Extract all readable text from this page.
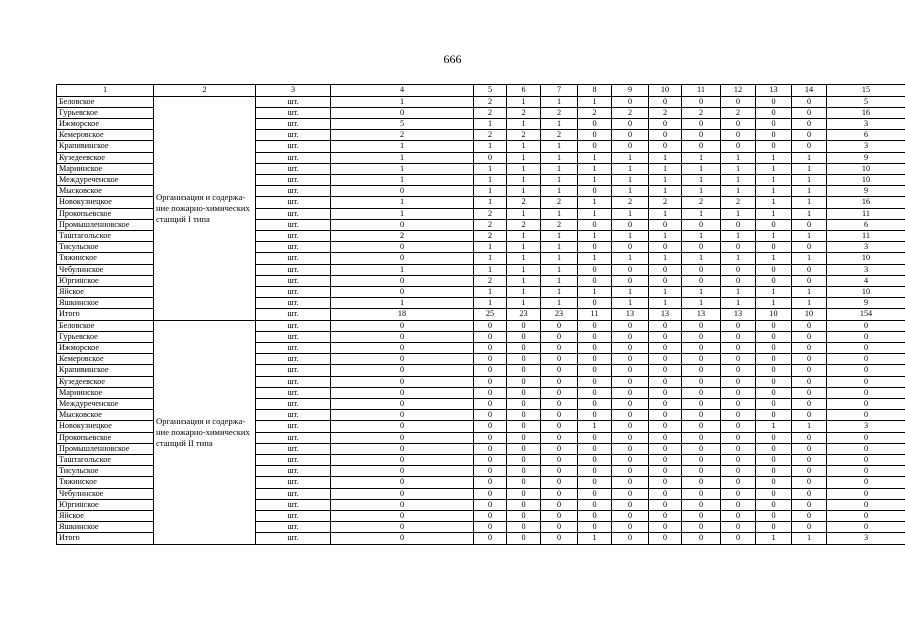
666
1	2	3	4	5	6	7	8	9	10	11	12	13	14	15
Беловское	Организация и содержа-ние пожарно-химических станций I типа	шт.	1	2	1	1	1	0	0	0	0	0	0	5
Гурьевское		шт.	0	2	2	2	2	2	2	2	2	0	0	16
Ижморское		шт.	5	1	1	1	0	0	0	0	0	0	0	3
Кемеровское		шт.	2	2	2	2	0	0	0	0	0	0	0	6
Крапивинское		шт.	1	1	1	1	0	0	0	0	0	0	0	3
Кузедеевское		шт.	1	0	1	1	1	1	1	1	1	1	1	9
Мариинское		шт.	1	1	1	1	1	1	1	1	1	1	1	10
Междуреченское		шт.	1	1	1	1	1	1	1	1	1	1	1	10
Мысковское		шт.	0	1	1	1	0	1	1	1	1	1	1	9
Новокузнецкое		шт.	1	1	2	2	1	2	2	2	2	1	1	16
Прокопьевское		шт.	1	2	1	1	1	1	1	1	1	1	1	11
Промышленновское		шт.	0	2	2	2	0	0	0	0	0	0	0	6
Таштагольское		шт.	2	2	1	1	1	1	1	1	1	1	1	11
Тисульское		шт.	0	1	1	1	0	0	0	0	0	0	0	3
Тяжинское		шт.	0	1	1	1	1	1	1	1	1	1	1	10
Чебулинское		шт.	1	1	1	1	0	0	0	0	0	0	0	3
Юргинское		шт.	0	2	1	1	0	0	0	0	0	0	0	4
Яйское		шт.	0	1	1	1	1	1	1	1	1	1	1	10
Яшкинское		шт.	1	1	1	1	0	1	1	1	1	1	1	9
Итого		шт.	18	25	23	23	11	13	13	13	13	10	10	154
Беловское	Организация и содержа-ние пожарно-химических станций II типа	шт.	0	0	0	0	0	0	0	0	0	0	0	0
Гурьевское		шт.	0	0	0	0	0	0	0	0	0	0	0	0
Ижморское		шт.	0	0	0	0	0	0	0	0	0	0	0	0
Кемеровское		шт.	0	0	0	0	0	0	0	0	0	0	0	0
Крапивинское		шт.	0	0	0	0	0	0	0	0	0	0	0	0
Кузедеевское		шт.	0	0	0	0	0	0	0	0	0	0	0	0
Мариинское		шт.	0	0	0	0	0	0	0	0	0	0	0	0
Междуреченское		шт.	0	0	0	0	0	0	0	0	0	0	0	0
Мысковское		шт.	0	0	0	0	0	0	0	0	0	0	0	0
Новокузнецкое		шт.	0	0	0	0	1	0	0	0	0	1	1	3
Прокопьевское		шт.	0	0	0	0	0	0	0	0	0	0	0	0
Промышленновское		шт.	0	0	0	0	0	0	0	0	0	0	0	0
Таштагольское		шт.	0	0	0	0	0	0	0	0	0	0	0	0
Тисульское		шт.	0	0	0	0	0	0	0	0	0	0	0	0
Тяжинское		шт.	0	0	0	0	0	0	0	0	0	0	0	0
Чебулинское		шт.	0	0	0	0	0	0	0	0	0	0	0	0
Юргинское		шт.	0	0	0	0	0	0	0	0	0	0	0	0
Яйское		шт.	0	0	0	0	0	0	0	0	0	0	0	0
Яшкинское		шт.	0	0	0	0	0	0	0	0	0	0	0	0
Итого		шт.	0	0	0	0	1	0	0	0	0	1	1	3
